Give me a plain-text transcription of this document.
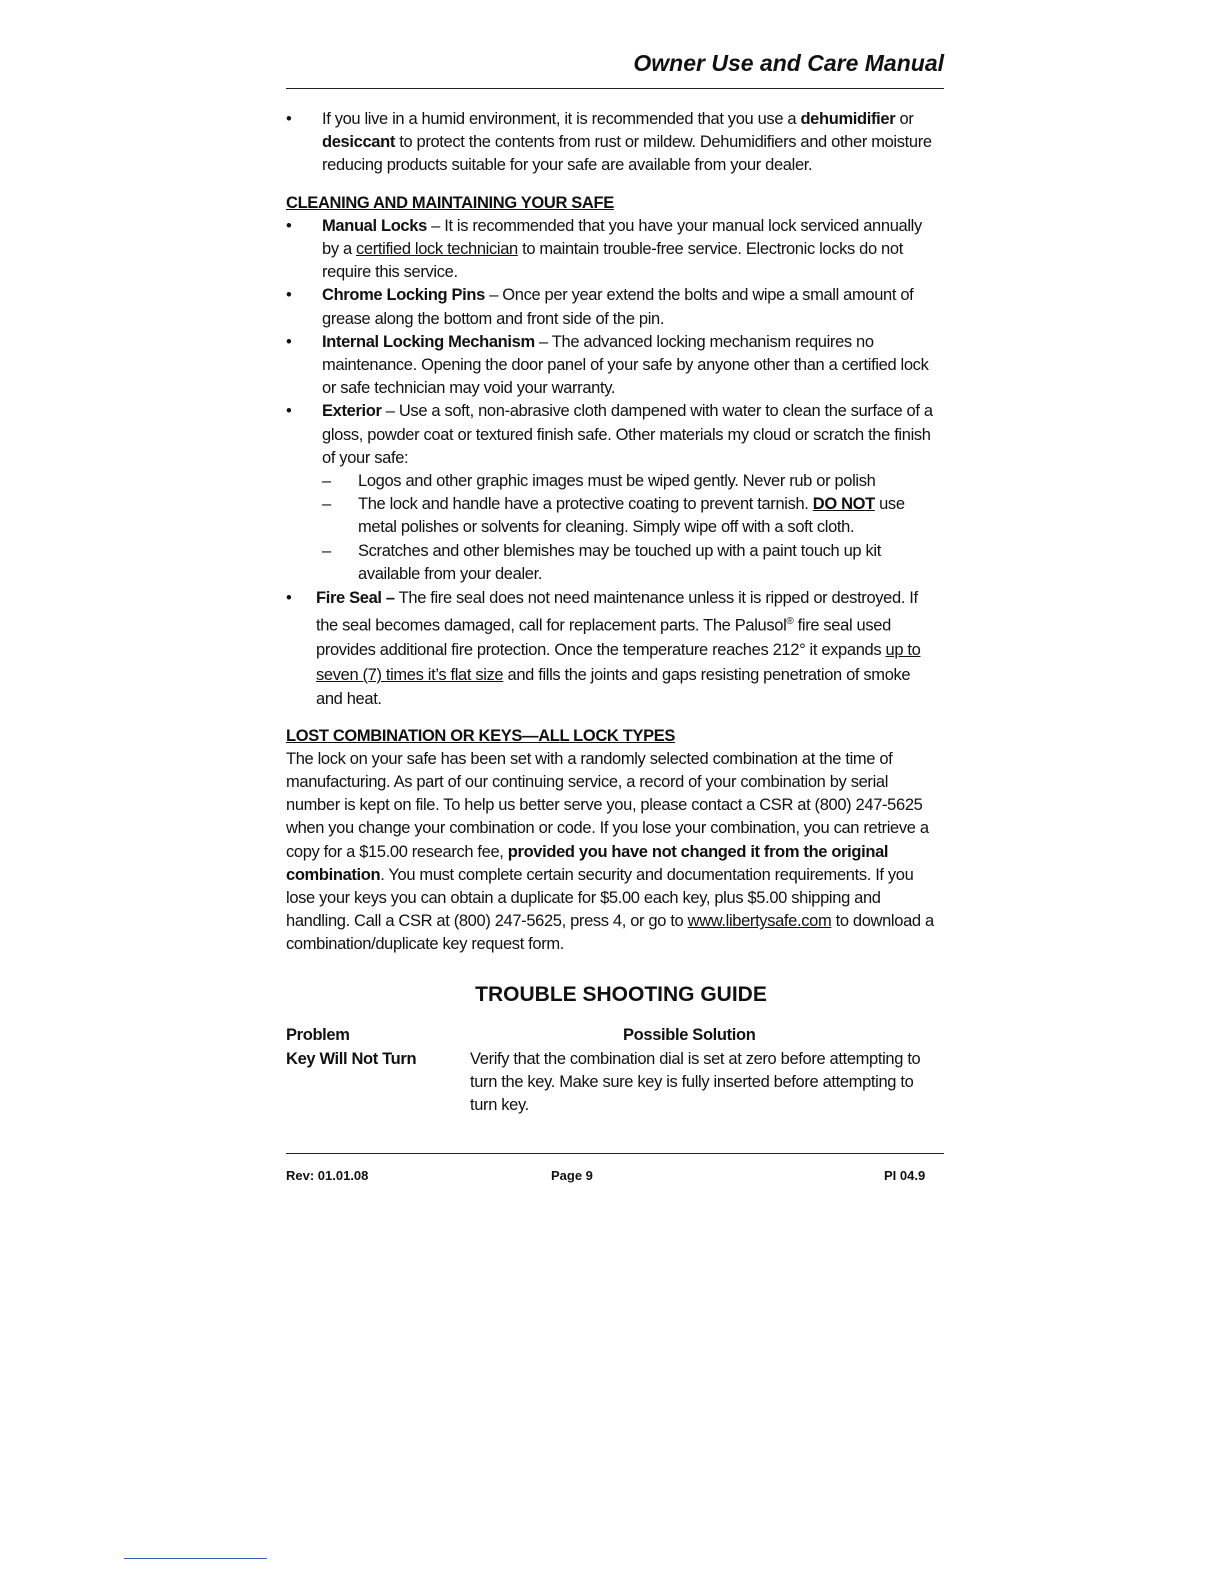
Owner Use and Care Manual
• If you live in a humid environment, it is recommended that you use a dehumidifier or desiccant to protect the contents from rust or mildew. Dehumidifiers and other moisture reducing products suitable for your safe are available from your dealer.
CLEANING AND MAINTAINING YOUR SAFE
• Manual Locks – It is recommended that you have your manual lock serviced annually by a certified lock technician to maintain trouble-free service. Electronic locks do not require this service.
• Chrome Locking Pins – Once per year extend the bolts and wipe a small amount of grease along the bottom and front side of the pin.
• Internal Locking Mechanism – The advanced locking mechanism requires no maintenance. Opening the door panel of your safe by anyone other than a certified lock or safe technician may void your warranty.
• Exterior – Use a soft, non-abrasive cloth dampened with water to clean the surface of a gloss, powder coat or textured finish safe. Other materials my cloud or scratch the finish of your safe:
– Logos and other graphic images must be wiped gently. Never rub or polish
– The lock and handle have a protective coating to prevent tarnish. DO NOT use metal polishes or solvents for cleaning. Simply wipe off with a soft cloth.
– Scratches and other blemishes may be touched up with a paint touch up kit available from your dealer.
• Fire Seal – The fire seal does not need maintenance unless it is ripped or destroyed. If the seal becomes damaged, call for replacement parts. The Palusol® fire seal used provides additional fire protection. Once the temperature reaches 212° it expands up to seven (7) times it’s flat size and fills the joints and gaps resisting penetration of smoke and heat.
LOST COMBINATION OR KEYS—ALL LOCK TYPES
The lock on your safe has been set with a randomly selected combination at the time of manufacturing. As part of our continuing service, a record of your combination by serial number is kept on file. To help us better serve you, please contact a CSR at (800) 247-5625 when you change your combination or code. If you lose your combination, you can retrieve a copy for a $15.00 research fee, provided you have not changed it from the original combination. You must complete certain security and documentation requirements. If you lose your keys you can obtain a duplicate for $5.00 each key, plus $5.00 shipping and handling. Call a CSR at (800) 247-5625, press 4, or go to www.libertysafe.com to download a combination/duplicate key request form.
TROUBLE SHOOTING GUIDE
Problem	Possible Solution
Key Will Not Turn	Verify that the combination dial is set at zero before attempting to turn the key. Make sure key is fully inserted before attempting to turn key.
Rev: 01.01.08	Page 9	PI 04.9
